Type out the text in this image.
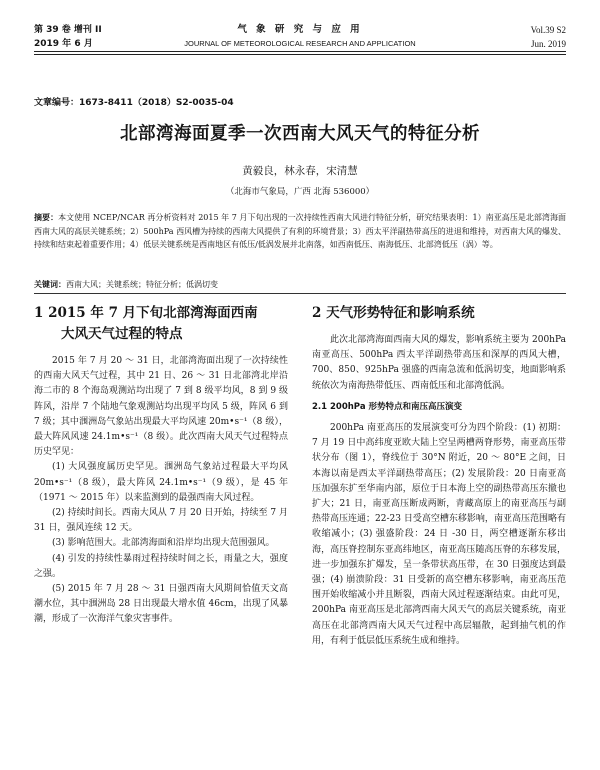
第 39 卷 增刊 II	气 象 研 究 与 应 用	Vol.39 S2
2019 年 6 月	JOURNAL OF METEOROLOGICAL RESEARCH AND APPLICATION	Jun. 2019
文章编号：1673-8411（2018）S2-0035-04
北部湾海面夏季一次西南大风天气的特征分析
黄毅良，林永春，宋清慧
（北海市气象局，广西 北海 536000）
摘要：本文使用 NCEP/NCAR 再分析资料对 2015 年 7 月下旬出现的一次持续性西南大风进行特征分析，研究结果表明：1）南亚高压是北部湾海面西南大风的高层关键系统；2）500hPa 西风槽为持续的西南大风提供了有利的环境背景；3）西太平洋副热带高压的进退和维持，对西南大风的爆发、持续和结束起着重要作用；4）低层关键系统是西南地区有低压/低涡发展并北南落，如西南低压、南海低压、北部湾低压（涡）等。
关键词：西南大风；关键系统；特征分析；低涡切变
1 2015 年 7 月下旬北部湾海面西南
大风天气过程的特点

2015 年 7 月 20 ～ 31 日，北部湾海面出现了一次持续性的西南大风天气过程，其中 21 日、26 ～ 31 日北部湾北岸沿海二市的 8 个海岛观测站均出现了 7 到 8 级平均风，8 到 9 级阵风，沿岸 7 个陆地气象观测站均出现平均风 5 级，阵风 6 到 7 级；其中涠洲岛气象站出现最大平均风速 20m•s⁻¹（8 级），最大阵风风速 24.1m•s⁻¹（8 级）。此次西南大风天气过程特点历史罕见：

(1) 大风强度属历史罕见。涠洲岛气象站过程最大平均风 20m•s⁻¹（8 级），最大阵风 24.1m•s⁻¹（9 级），是 45 年（1971 ～ 2015 年）以来监测到的最强西南大风过程。

(2) 持续时间长。西南大风从 7 月 20 日开始，持续至 7 月 31 日，强风连续 12 天。

(3) 影响范围大。北部湾海面和沿岸均出现大范围强风。

(4) 引发的持续性暴雨过程持续时间之长，雨量之大，强度之强。

(5) 2015 年 7 月 28 ～ 31 日强西南大风期间恰值天文高潮水位，其中涠洲岛 28 日出现最大增水值 46cm，出现了风暴潮，形成了一次海洋气象灾害事件。

2 天气形势特征和影响系统

此次北部湾海面西南大风的爆发，影响系统主要为 200hPa 南亚高压、500hPa 西太平洋副热带高压和深厚的西风大槽，700、850、925hPa 强盛的西南急流和低涡切变，地面影响系统依次为南海热带低压、西南低压和北部湾低涡。

2.1 200hPa 形势特点和南压高压演变

200hPa 南亚高压的发展演变可分为四个阶段：(1) 初期：7 月 19 日中高纬度亚欧大陆上空呈两槽两脊形势，南亚高压带状分布（图 1），脊线位于 30°N 附近，20 ～ 80°E 之间，日本海以南是西太平洋副热带高压；(2) 发展阶段：20 日南亚高压加强东扩至华南内部，原位于日本海上空的副热带高压东撤也扩大；21 日，南亚高压断成两断，青藏高原上的南亚高压与副热带高压连通；22-23 日受高空槽东移影响，南亚高压范围略有收缩减小；(3) 强盛阶段：24 日 -30 日，两空槽逐渐东移出海，高压脊控制东亚高纬地区，南亚高压随高压脊的东移发展，进一步加强东扩爆发，呈一条带状高压带，在 30 日强度达到最强；(4) 崩溃阶段：31 日受新的高空槽东移影响，南亚高压范围开始收缩减小并且断裂，西南大风过程逐渐结束。由此可见，200hPa 南亚高压是北部湾西南大风天气的高层关键系统，南亚高压在北部湾西南大风天气过程中高层辐散，起到抽气机的作用，有利于低层低压系统生成和维持。
